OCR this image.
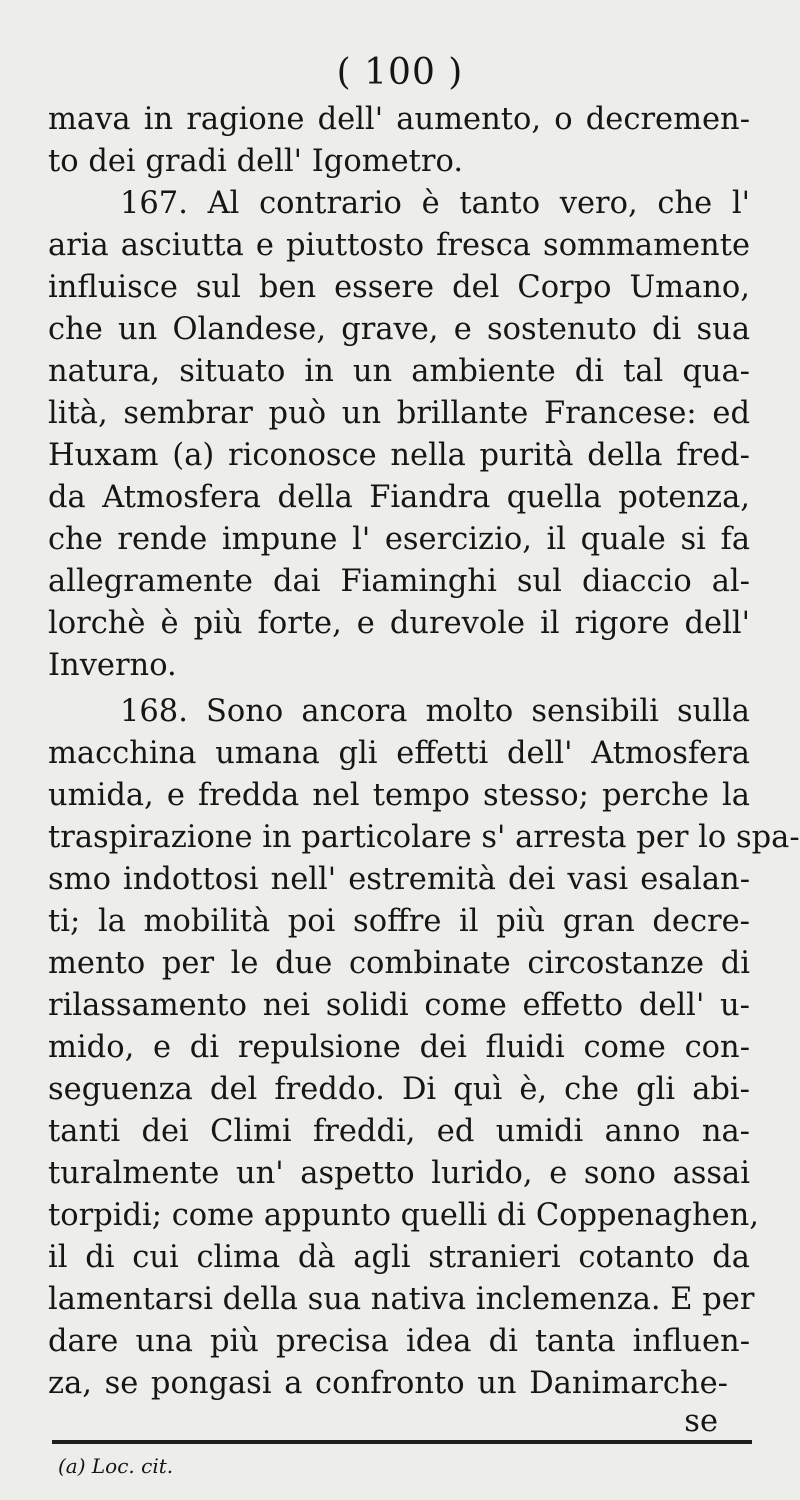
( 100 )
mava in ragione dell' aumento, o decremen-
to dei gradi dell' Igometro.
167. Al contrario è tanto vero, che l'
aria asciutta e piuttosto fresca sommamente
influisce sul ben essere del Corpo Umano,
che un Olandese, grave, e sostenuto di sua
natura, situato in un ambiente di tal qua-
lità, sembrar può un brillante Francese: ed
Huxam (a) riconosce nella purità della fred-
da Atmosfera della Fiandra quella potenza,
che rende impune l' esercizio, il quale si fa
allegramente dai Fiaminghi sul diaccio al-
lorchè è più forte, e durevole il rigore dell'
Inverno.
168. Sono ancora molto sensibili sulla
macchina umana gli effetti dell' Atmosfera
umida, e fredda nel tempo stesso; perche la
traspirazione in particolare s' arresta per lo spa-
smo indottosi nell' estremità dei vasi esalan-
ti; la mobilità poi soffre il più gran decre-
mento per le due combinate circostanze di
rilassamento nei solidi come effetto dell' u-
mido, e di repulsione dei fluidi come con-
seguenza del freddo. Di quì è, che gli abi-
tanti dei Climi freddi, ed umidi anno na-
turalmente un' aspetto lurido, e sono assai
torpidi; come appunto quelli di Coppenaghen,
il di cui clima dà agli stranieri cotanto da
lamentarsi della sua nativa inclemenza. E per
dare una più precisa idea di tanta influen-
za, se pongasi a confronto un Danimarche-
se
(a) Loc. cit.
